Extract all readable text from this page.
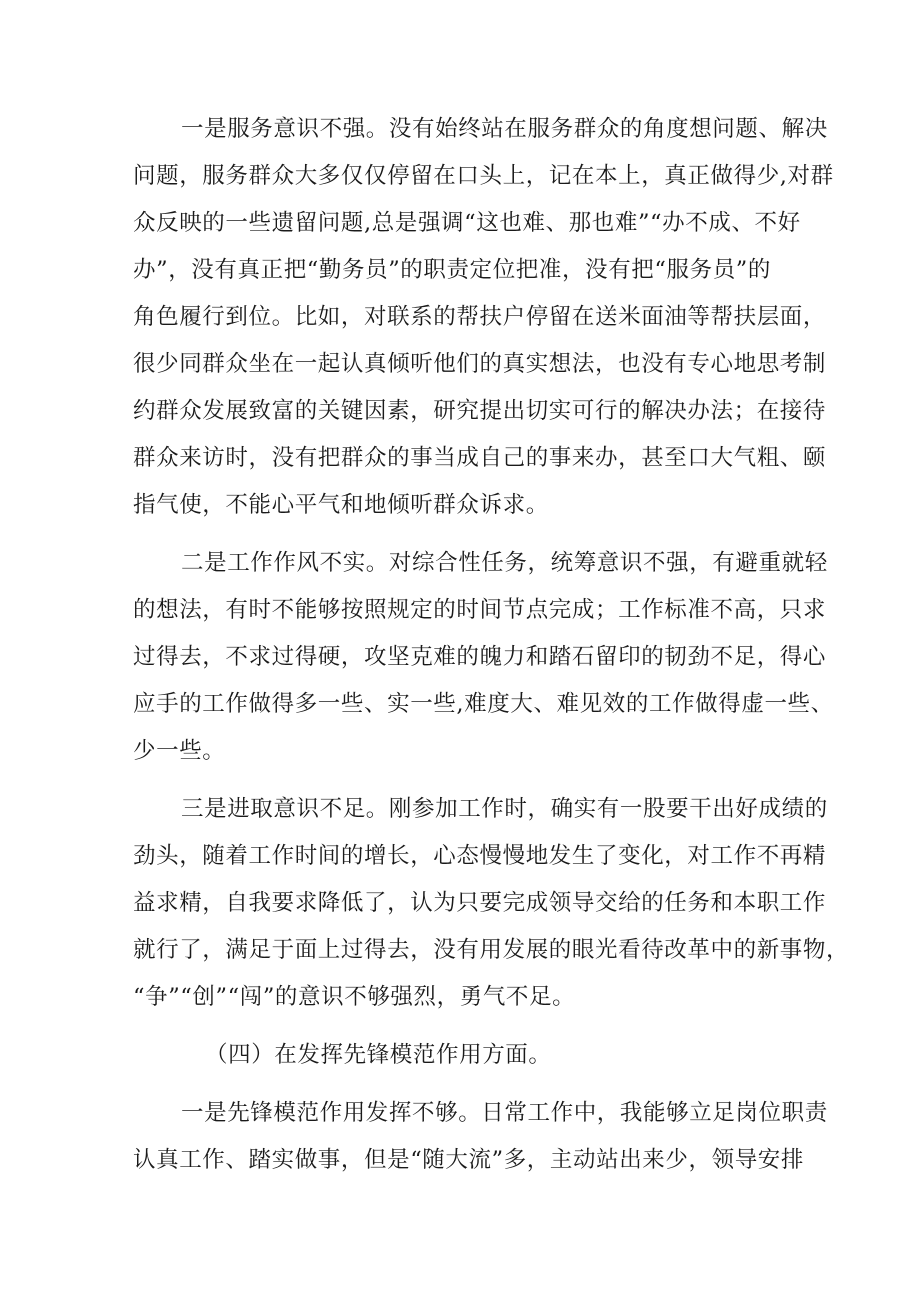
一是服务意识不强。没有始终站在服务群众的角度想问题、解决
问题，服务群众大多仅仅停留在口头上，记在本上，真正做得少,对群
众反映的一些遗留问题,总是强调“这也难、那也难”“办不成、不好
办”，没有真正把“勤务员”的职责定位把准，没有把“服务员”的
角色履行到位。比如，对联系的帮扶户停留在送米面油等帮扶层面，
很少同群众坐在一起认真倾听他们的真实想法，也没有专心地思考制
约群众发展致富的关键因素，研究提出切实可行的解决办法；在接待
群众来访时，没有把群众的事当成自己的事来办，甚至口大气粗、颐
指气使，不能心平气和地倾听群众诉求。
二是工作作风不实。对综合性任务，统筹意识不强，有避重就轻
的想法，有时不能够按照规定的时间节点完成；工作标准不高，只求
过得去，不求过得硬，攻坚克难的魄力和踏石留印的韧劲不足，得心
应手的工作做得多一些、实一些,难度大、难见效的工作做得虚一些、
少一些。
三是进取意识不足。刚参加工作时，确实有一股要干出好成绩的
劲头，随着工作时间的增长，心态慢慢地发生了变化，对工作不再精
益求精，自我要求降低了，认为只要完成领导交给的任务和本职工作
就行了，满足于面上过得去，没有用发展的眼光看待改革中的新事物，
“争”“创”“闯”的意识不够强烈，勇气不足。
（四）在发挥先锋模范作用方面。
一是先锋模范作用发挥不够。日常工作中，我能够立足岗位职责
认真工作、踏实做事，但是“随大流”多，主动站出来少，领导安排
